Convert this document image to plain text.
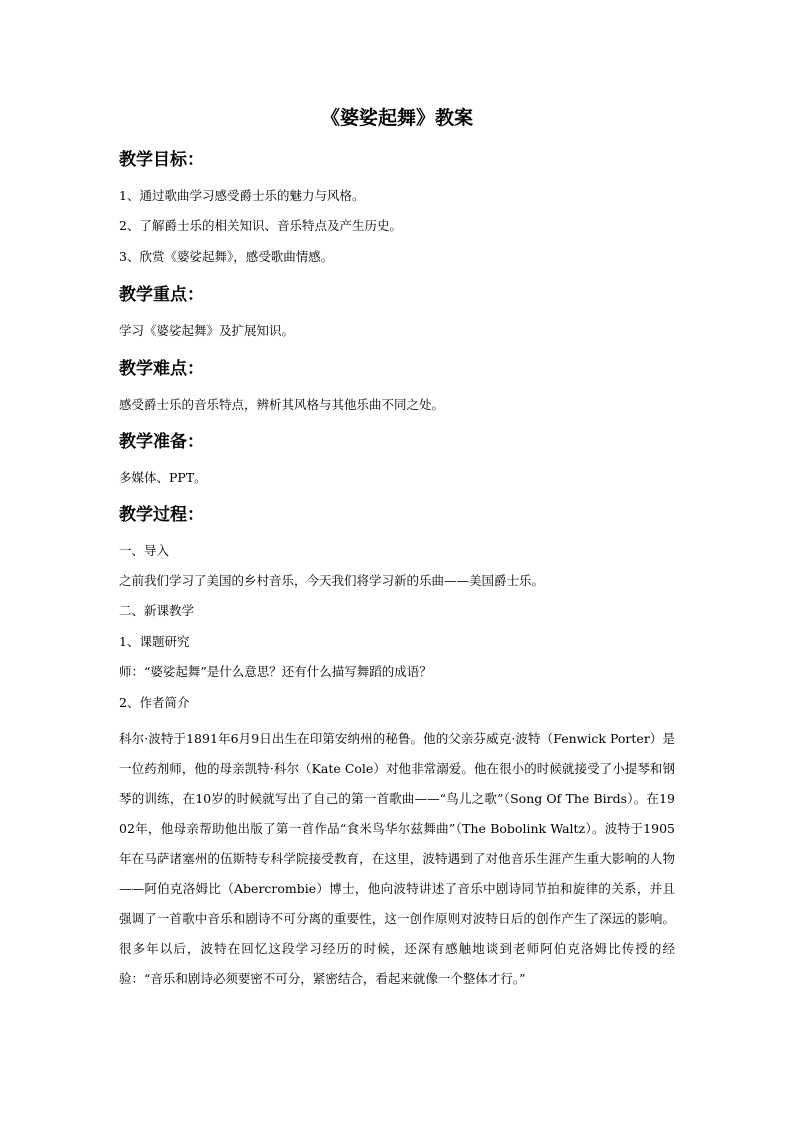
《婆娑起舞》教案
教学目标：
1、通过歌曲学习感受爵士乐的魅力与风格。
2、了解爵士乐的相关知识、音乐特点及产生历史。
3、欣赏《婆娑起舞》，感受歌曲情感。
教学重点：
学习《婆娑起舞》及扩展知识。
教学难点：
感受爵士乐的音乐特点，辨析其风格与其他乐曲不同之处。
教学准备：
多媒体、PPT。
教学过程：
一、导入
之前我们学习了美国的乡村音乐，今天我们将学习新的乐曲——美国爵士乐。
二、新课教学
1、课题研究
师：“婆娑起舞”是什么意思？还有什么描写舞蹈的成语？
2、作者简介
科尔·波特于1891年6月9日出生在印第安纳州的秘鲁。他的父亲芬威克·波特（Fenwick Porter）是一位药剂师，他的母亲凯特·科尔（Kate Cole）对他非常溺爱。他在很小的时候就接受了小提琴和钢琴的训练，在10岁的时候就写出了自己的第一首歌曲——“鸟儿之歌”（Song Of The Birds）。在1902年，他母亲帮助他出版了第一首作品“食米鸟华尔兹舞曲”（The Bobolink Waltz）。波特于1905年在马萨诸塞州的伍斯特专科学院接受教育，在这里，波特遇到了对他音乐生涯产生重大影响的人物——阿伯克洛姆比（Abercrombie）博士，他向波特讲述了音乐中剧诗同节拍和旋律的关系，并且强调了一首歌中音乐和剧诗不可分离的重要性，这一创作原则对波特日后的创作产生了深远的影响。很多年以后，波特在回忆这段学习经历的时候，还深有感触地谈到老师阿伯克洛姆比传授的经验：“音乐和剧诗必须要密不可分，紧密结合，看起来就像一个整体才行。”
